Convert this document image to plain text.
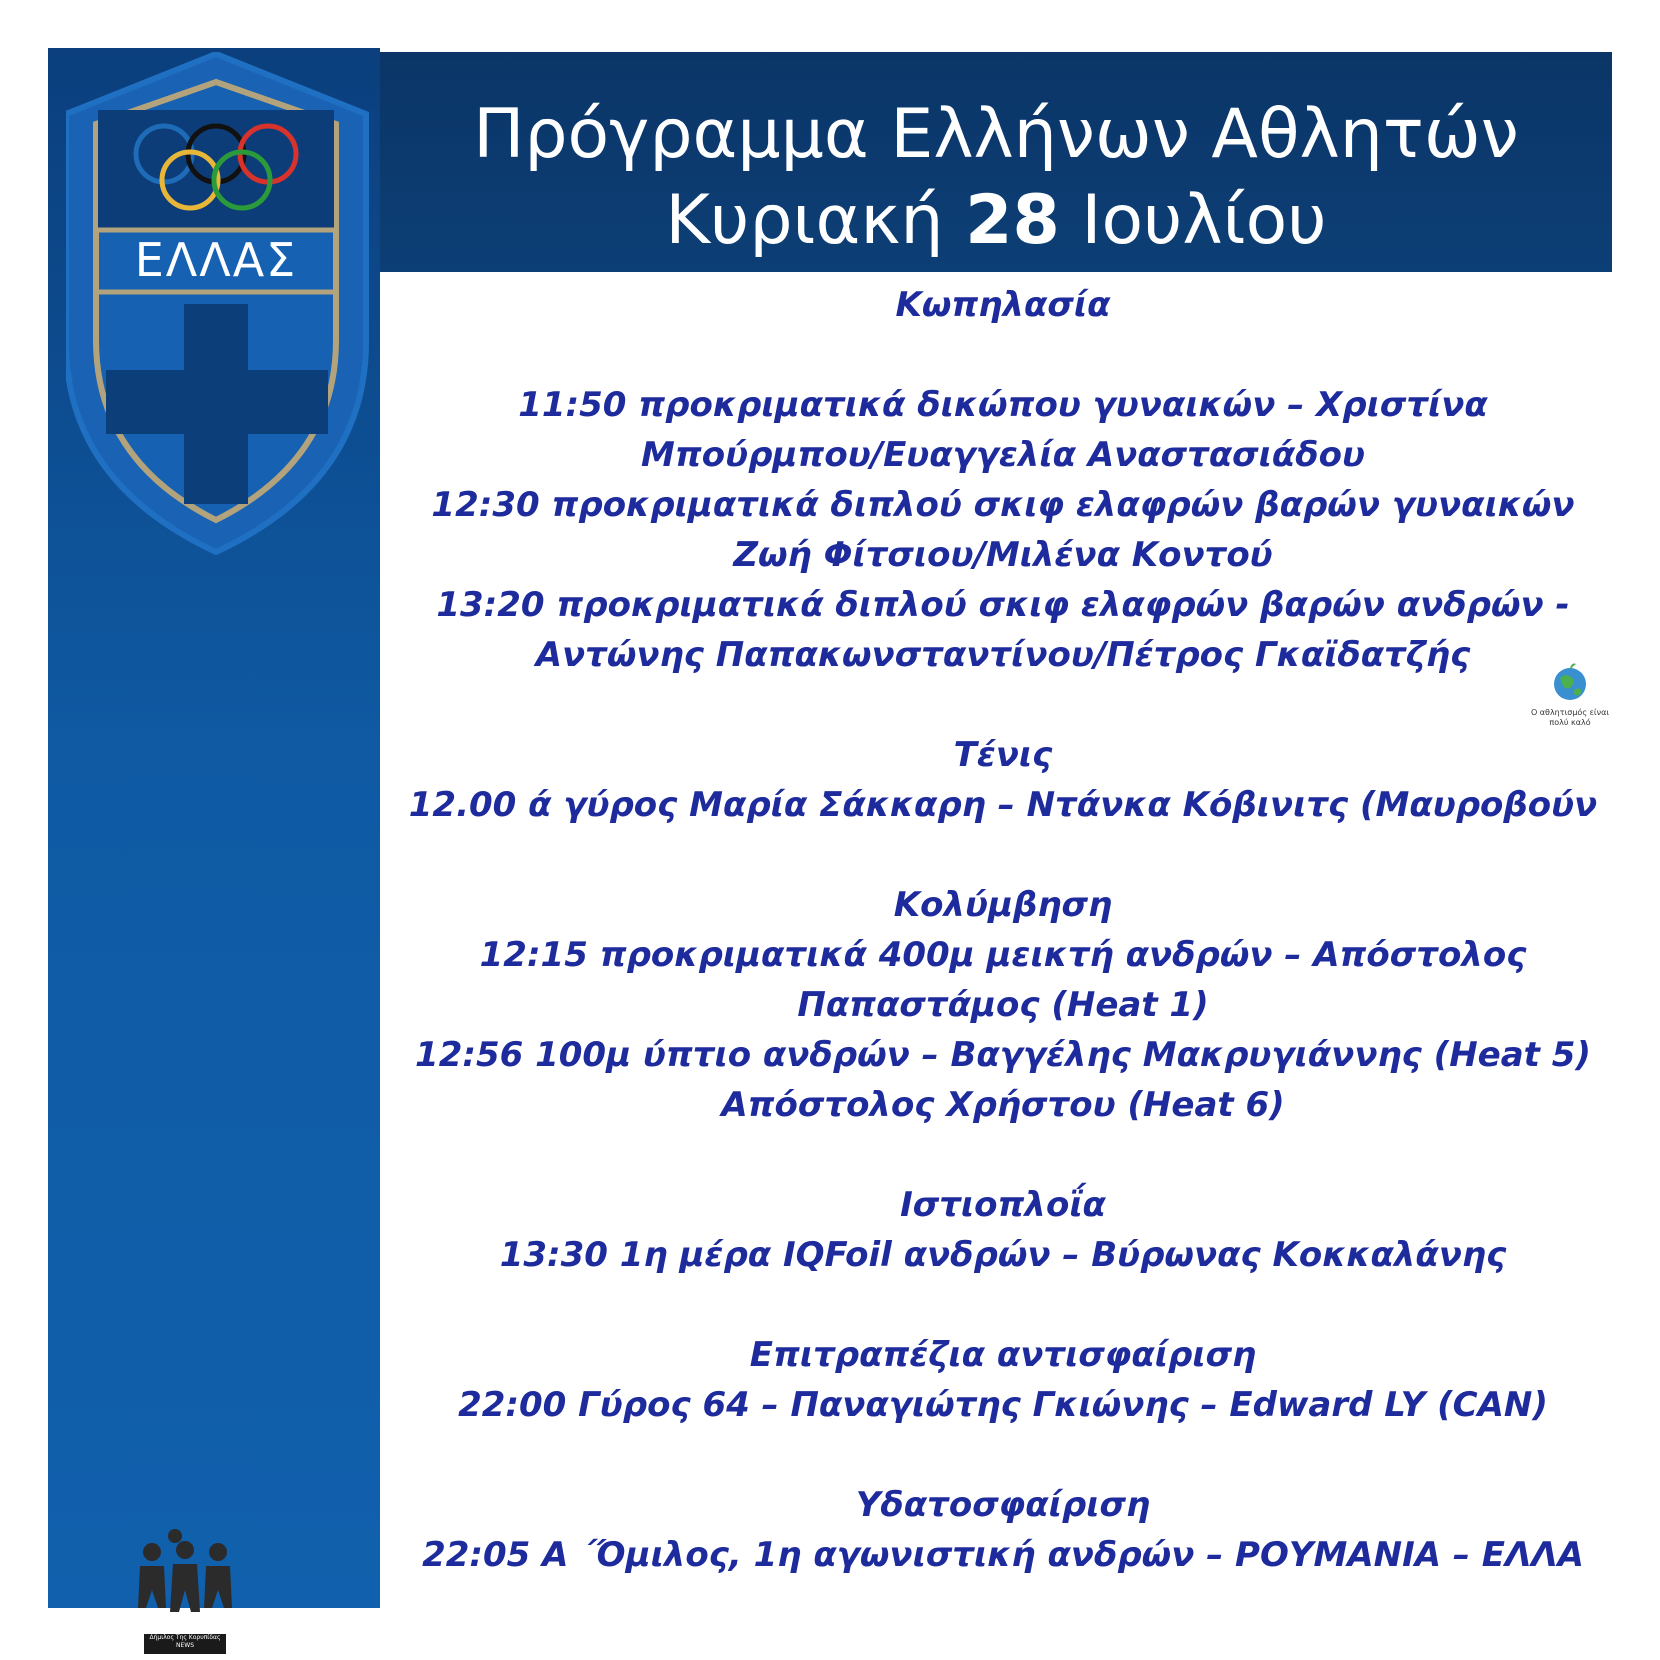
ΕΛΛΑΣ
Πρόγραμμα Ελλήνων Αθλητών
Κυριακή 28 Ιουλίου
Κωπηλασία
11:50 προκριματικά δικώπου γυναικών – Χριστίνα
Μπούρμπου/Ευαγγελία Αναστασιάδου
12:30 προκριματικά διπλού σκιφ ελαφρών βαρών γυναικών
Ζωή Φίτσιου/Μιλένα Κοντού
13:20 προκριματικά διπλού σκιφ ελαφρών βαρών ανδρών -
Αντώνης Παπακωνσταντίνου/Πέτρος Γκαϊδατζής
Τένις
12.00 ά γύρος Μαρία Σάκκαρη – Ντάνκα Κόβινιτς (Μαυροβούν
Κολύμβηση
12:15 προκριματικά 400μ μεικτή ανδρών – Απόστολος
Παπαστάμος (Heat 1)
12:56 100μ ύπτιο ανδρών – Βαγγέλης Μακρυγιάννης (Heat 5)
Απόστολος Χρήστου (Heat 6)
Ιστιοπλοΐα
13:30 1η μέρα IQFoil ανδρών – Βύρωνας Κοκκαλάνης
Επιτραπέζια αντισφαίριση
22:00 Γύρος 64 – Παναγιώτης Γκιώνης – Edward LY (CAN)
Υδατοσφαίριση
22:05 Α ΄Όμιλος, 1η αγωνιστική ανδρών – ΡΟΥΜΑΝΙΑ – ΕΛΛΑ
Ο αθλητισμός είναι πολύ καλό
Δήμιλος Της Κορυπίδας NEWS
